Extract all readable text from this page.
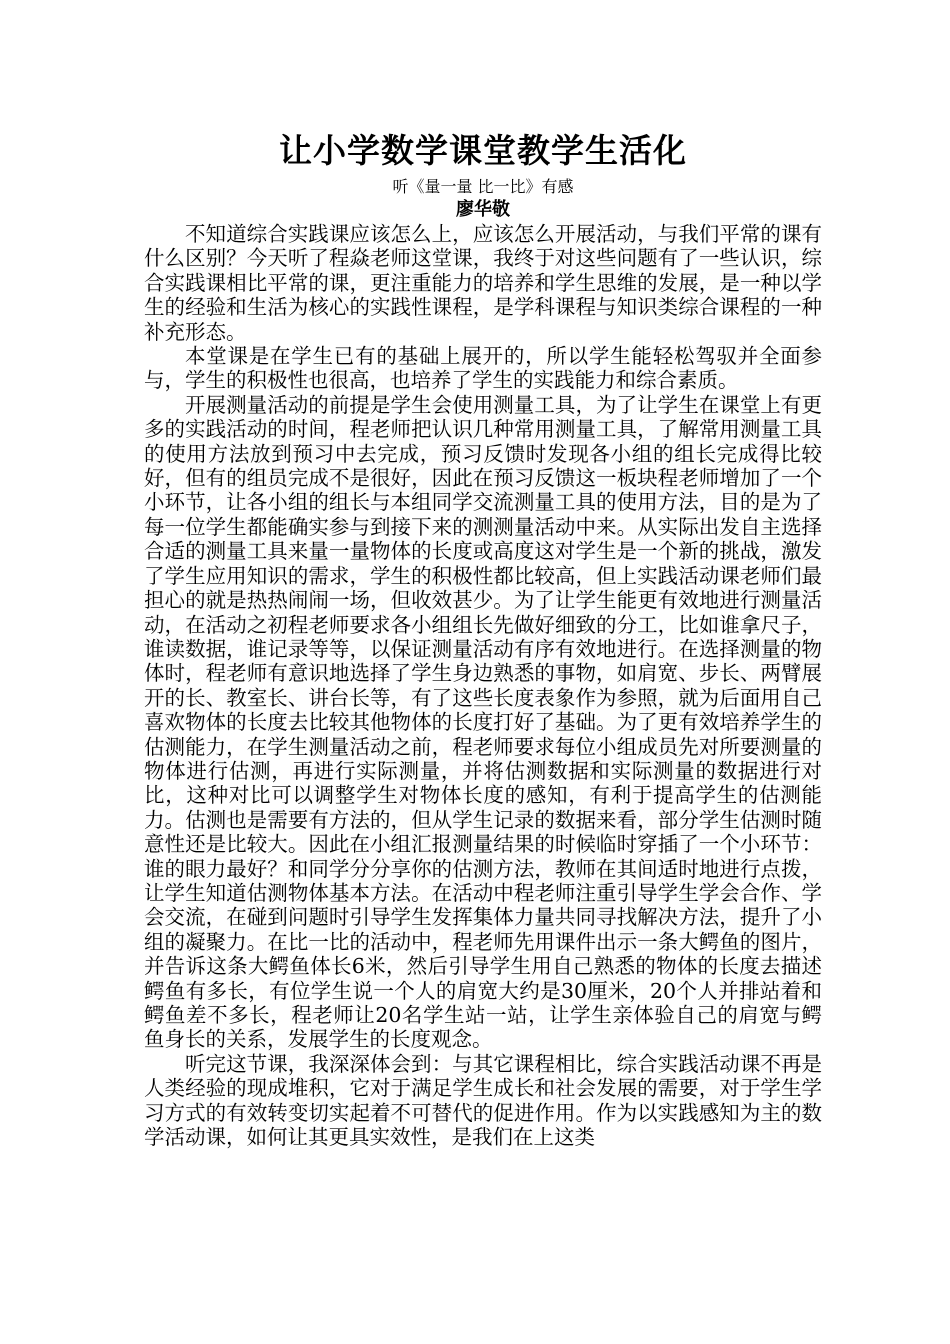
让小学数学课堂教学生活化
听《量一量 比一比》有感
廖华敬

不知道综合实践课应该怎么上，应该怎么开展活动，与我们平常的课有什么区别？今天听了程焱老师这堂课，我终于对这些问题有了一些认识，综合实践课相比平常的课，更注重能力的培养和学生思维的发展，是一种以学生的经验和生活为核心的实践性课程，是学科课程与知识类综合课程的一种补充形态。

本堂课是在学生已有的基础上展开的，所以学生能轻松驾驭并全面参与，学生的积极性也很高，也培养了学生的实践能力和综合素质。

开展测量活动的前提是学生会使用测量工具，为了让学生在课堂上有更多的实践活动的时间，程老师把认识几种常用测量工具，了解常用测量工具的使用方法放到预习中去完成，预习反馈时发现各小组的组长完成得比较好，但有的组员完成不是很好，因此在预习反馈这一板块程老师增加了一个小环节，让各小组的组长与本组同学交流测量工具的使用方法，目的是为了每一位学生都能确实参与到接下来的测测量活动中来。从实际出发自主选择合适的测量工具来量一量物体的长度或高度这对学生是一个新的挑战，激发了学生应用知识的需求，学生的积极性都比较高，但上实践活动课老师们最担心的就是热热闹闹一场，但收效甚少。为了让学生能更有效地进行测量活动，在活动之初程老师要求各小组组长先做好细致的分工，比如谁拿尺子，谁读数据，谁记录等等，以保证测量活动有序有效地进行。在选择测量的物体时，程老师有意识地选择了学生身边熟悉的事物，如肩宽、步长、两臂展开的长、教室长、讲台长等，有了这些长度表象作为参照，就为后面用自己喜欢物体的长度去比较其他物体的长度打好了基础。为了更有效培养学生的估测能力，在学生测量活动之前，程老师要求每位小组成员先对所要测量的物体进行估测，再进行实际测量，并将估测数据和实际测量的数据进行对比，这种对比可以调整学生对物体长度的感知，有利于提高学生的估测能力。估测也是需要有方法的，但从学生记录的数据来看，部分学生估测时随意性还是比较大。因此在小组汇报测量结果的时候临时穿插了一个小环节：谁的眼力最好？和同学分分享你的估测方法，教师在其间适时地进行点拨，让学生知道估测物体基本方法。在活动中程老师注重引导学生学会合作、学会交流，在碰到问题时引导学生发挥集体力量共同寻找解决方法，提升了小组的凝聚力。在比一比的活动中，程老师先用课件出示一条大鳄鱼的图片，并告诉这条大鳄鱼体长6米，然后引导学生用自己熟悉的物体的长度去描述鳄鱼有多长，有位学生说一个人的肩宽大约是30厘米，20个人并排站着和鳄鱼差不多长，程老师让20名学生站一站，让学生亲体验自己的肩宽与鳄鱼身长的关系，发展学生的长度观念。

听完这节课，我深深体会到：与其它课程相比，综合实践活动课不再是人类经验的现成堆积，它对于满足学生成长和社会发展的需要，对于学生学习方式的有效转变切实起着不可替代的促进作用。作为以实践感知为主的数学活动课，如何让其更具实效性，是我们在上这类
